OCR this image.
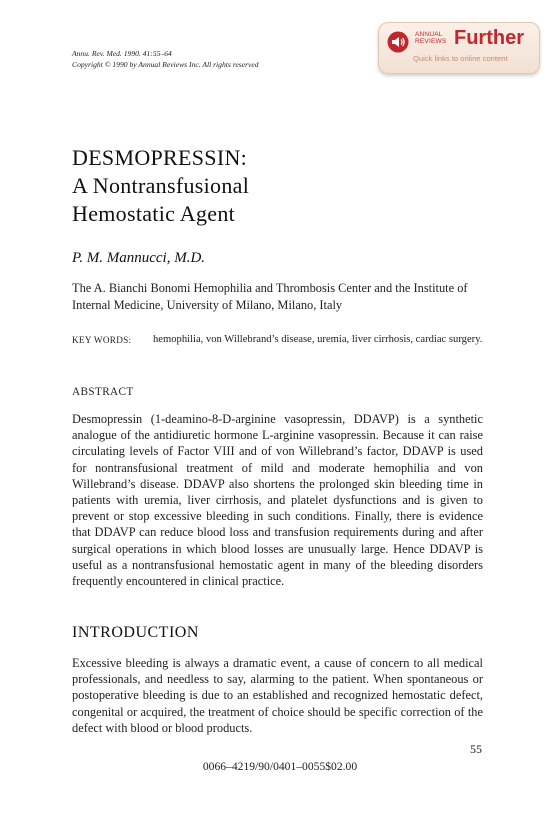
Annu. Rev. Med. 1990. 41:55–64
Copyright © 1990 by Annual Reviews Inc. All rights reserved
ANNUAL
REVIEWS Further
Quick links to online content
DESMOPRESSIN:
A Nontransfusional
Hemostatic Agent
P. M. Mannucci, M.D.
The A. Bianchi Bonomi Hemophilia and Thrombosis Center and the Institute of Internal Medicine, University of Milano, Milano, Italy
KEY WORDS: hemophilia, von Willebrand’s disease, uremia, liver cirrhosis, cardiac surgery.
ABSTRACT
Desmopressin (1-deamino-8-D-arginine vasopressin, DDAVP) is a synthetic analogue of the antidiuretic hormone L-arginine vasopressin. Because it can raise circulating levels of Factor VIII and of von Willebrand’s factor, DDAVP is used for nontransfusional treatment of mild and moderate hemophilia and von Willebrand’s disease. DDAVP also shortens the prolonged skin bleeding time in patients with uremia, liver cirrhosis, and platelet dysfunctions and is given to prevent or stop excessive bleeding in such conditions. Finally, there is evidence that DDAVP can reduce blood loss and transfusion requirements during and after surgical operations in which blood losses are unusually large. Hence DDAVP is useful as a nontransfusional hemostatic agent in many of the bleeding disorders frequently encountered in clinical practice.
INTRODUCTION
Excessive bleeding is always a dramatic event, a cause of concern to all medical professionals, and needless to say, alarming to the patient. When spontaneous or postoperative bleeding is due to an established and recognized hemostatic defect, congenital or acquired, the treatment of choice should be specific correction of the defect with blood or blood products.
55
0066–4219/90/0401–0055$02.00
